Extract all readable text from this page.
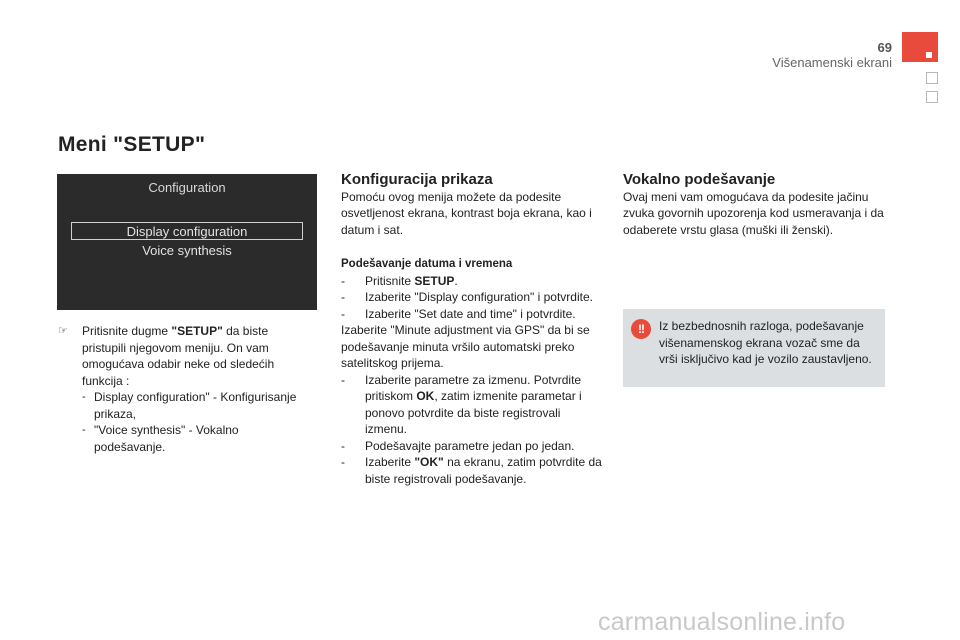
69
Višenamenski ekrani
Meni "SETUP"
Configuration
Display configuration
Voice synthesis
☞ Pritisnite dugme "SETUP" da biste pristupili njegovom meniju. On vam omogućava odabir neke od sledećih funkcija :

- Display configuration" - Konfigurisanje prikaza,
- "Voice synthesis" - Vokalno podešavanje.

Konfiguracija prikaza

Pomoću ovog menija možete da podesite osvetljenost ekrana, kontrast boja ekrana, kao i datum i sat.

Podešavanje datuma i vremena

- Pritisnite SETUP.
- Izaberite "Display configuration" i potvrdite.
- Izaberite "Set date and time" i potvrdite.

Izaberite "Minute adjustment via GPS" da bi se podešavanje minuta vršilo automatski preko satelitskog prijema.

- Izaberite parametre za izmenu. Potvrdite pritiskom OK, zatim izmenite parametar i ponovo potvrdite da biste registrovali izmenu.
- Podešavajte parametre jedan po jedan.
- Izaberite "OK" na ekranu, zatim potvrdite da biste registrovali podešavanje.

Vokalno podešavanje

Ovaj meni vam omogućava da podesite jačinu zvuka govornih upozorenja kod usmeravanja i da odaberete vrstu glasa (muški ili ženski).

!!	Iz bezbednosnih razloga, podešavanje višenamenskog ekrana vozač sme da vrši isključivo kad je vozilo zaustavljeno.

carmanualsonline.info
